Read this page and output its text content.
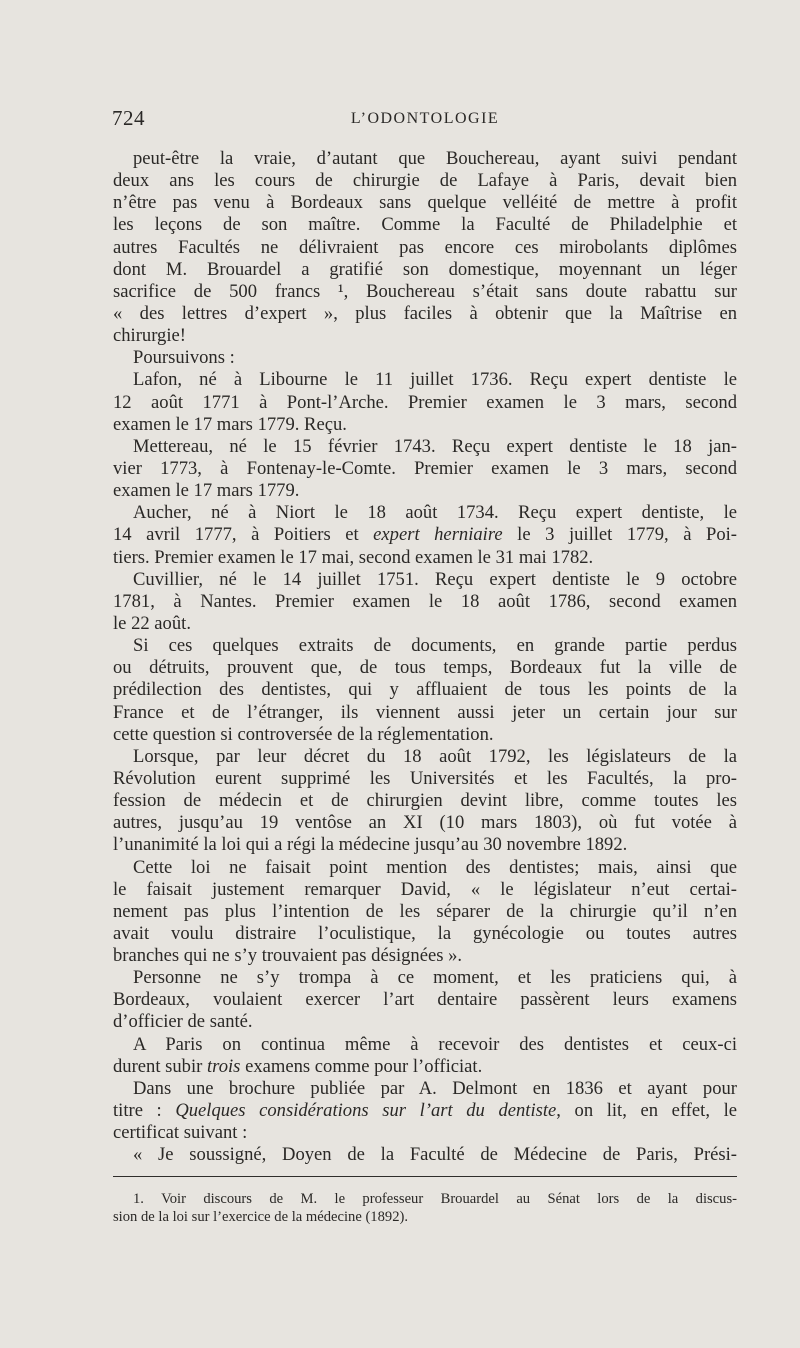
724	L’ODONTOLOGIE
peut-être la vraie, d’autant que Bouchereau, ayant suivi pendant
deux ans les cours de chirurgie de Lafaye à Paris, devait bien
n’être pas venu à Bordeaux sans quelque velléité de mettre à profit
les leçons de son maître. Comme la Faculté de Philadelphie et
autres Facultés ne délivraient pas encore ces mirobolants diplômes
dont M. Brouardel a gratifié son domestique, moyennant un léger
sacrifice de 500 francs ¹, Bouchereau s’était sans doute rabattu sur
« des lettres d’expert », plus faciles à obtenir que la Maîtrise en
chirurgie!
Poursuivons :
Lafon, né à Libourne le 11 juillet 1736. Reçu expert dentiste le
12 août 1771 à Pont-l’Arche. Premier examen le 3 mars, second
examen le 17 mars 1779. Reçu.
Mettereau, né le 15 février 1743. Reçu expert dentiste le 18 jan-
vier 1773, à Fontenay-le-Comte. Premier examen le 3 mars, second
examen le 17 mars 1779.
Aucher, né à Niort le 18 août 1734. Reçu expert dentiste, le
14 avril 1777, à Poitiers et expert herniaire le 3 juillet 1779, à Poi-
tiers. Premier examen le 17 mai, second examen le 31 mai 1782.
Cuvillier, né le 14 juillet 1751. Reçu expert dentiste le 9 octobre
1781, à Nantes. Premier examen le 18 août 1786, second examen
le 22 août.
Si ces quelques extraits de documents, en grande partie perdus
ou détruits, prouvent que, de tous temps, Bordeaux fut la ville de
prédilection des dentistes, qui y affluaient de tous les points de la
France et de l’étranger, ils viennent aussi jeter un certain jour sur
cette question si controversée de la réglementation.
Lorsque, par leur décret du 18 août 1792, les législateurs de la
Révolution eurent supprimé les Universités et les Facultés, la pro-
fession de médecin et de chirurgien devint libre, comme toutes les
autres, jusqu’au 19 ventôse an XI (10 mars 1803), où fut votée à
l’unanimité la loi qui a régi la médecine jusqu’au 30 novembre 1892.
Cette loi ne faisait point mention des dentistes; mais, ainsi que
le faisait justement remarquer David, « le législateur n’eut certai-
nement pas plus l’intention de les séparer de la chirurgie qu’il n’en
avait voulu distraire l’oculistique, la gynécologie ou toutes autres
branches qui ne s’y trouvaient pas désignées ».
Personne ne s’y trompa à ce moment, et les praticiens qui, à
Bordeaux, voulaient exercer l’art dentaire passèrent leurs examens
d’officier de santé.
A Paris on continua même à recevoir des dentistes et ceux-ci
durent subir trois examens comme pour l’officiat.
Dans une brochure publiée par A. Delmont en 1836 et ayant pour
titre : Quelques considérations sur l’art du dentiste, on lit, en effet, le
certificat suivant :
« Je soussigné, Doyen de la Faculté de Médecine de Paris, Prési-
1. Voir discours de M. le professeur Brouardel au Sénat lors de la discus-
sion de la loi sur l’exercice de la médecine (1892).
